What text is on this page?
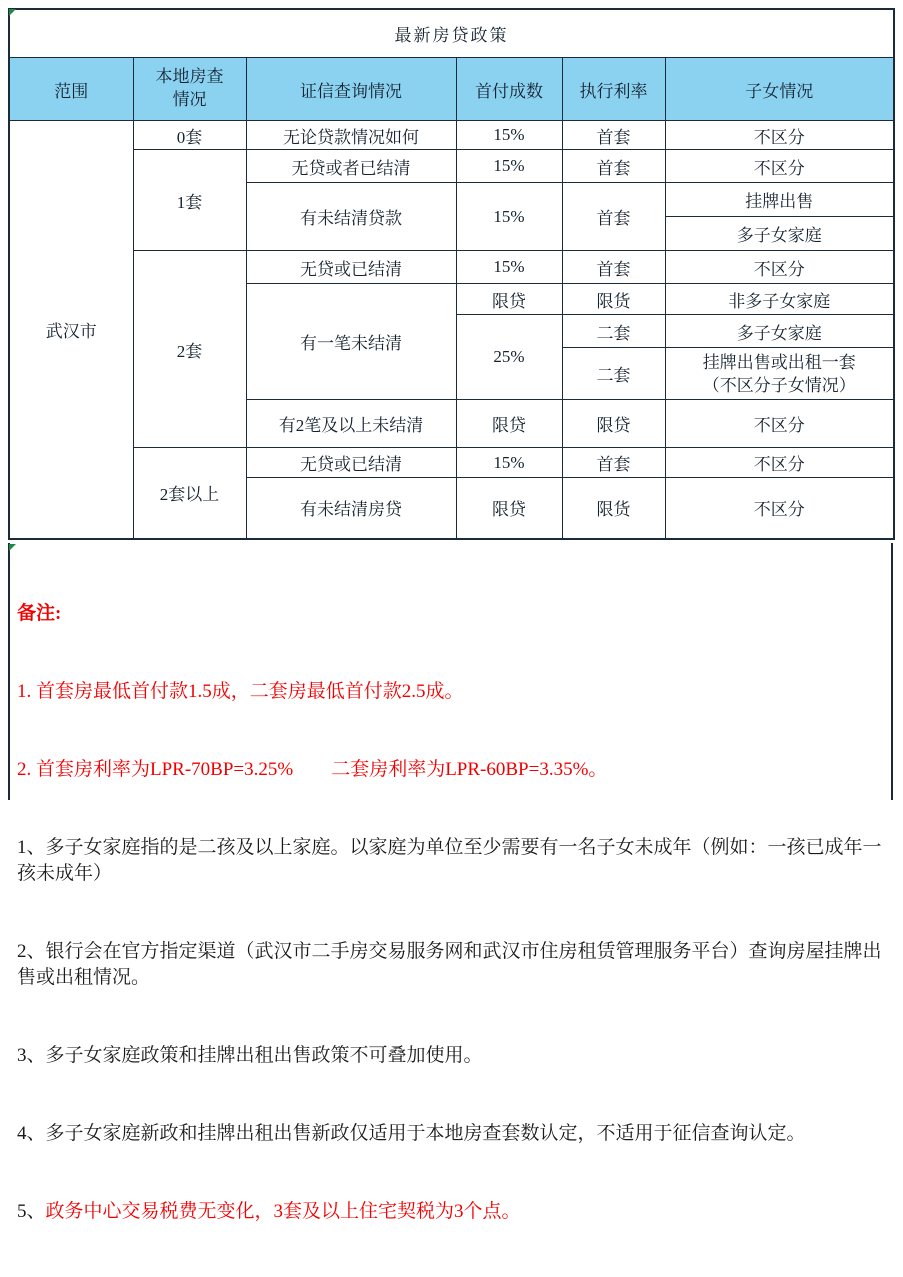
最新房贷政策					
范围	本地房查情况	证信查询情况	首付成数	执行利率	子女情况
武汉市	0套	无论贷款情况如何	15%	首套	不区分
	1套	无贷或者已结清	15%	首套	不区分
		有未结清贷款	15%	首套	挂牌出售
					多子女家庭
	2套	无贷或已结清	15%	首套	不区分
		有一笔未结清	限贷	限货	非多子女家庭
			25%	二套	多子女家庭
				二套	挂牌出售或出租一套
（不区分子女情况）

		有2笔及以上未结清	限贷	限贷	不区分
	2套以上	无贷或已结清	15%	首套	不区分
		有未结清房贷	限贷	限货	不区分

备注:

1. 首套房最低首付款1.5成，二套房最低首付款2.5成。

2. 首套房利率为LPR-70BP=3.25%　　二套房利率为LPR-60BP=3.35%。

1、多子女家庭指的是二孩及以上家庭。以家庭为单位至少需要有一名子女未成年（例如：一孩已成年一孩未成年）

2、银行会在官方指定渠道（武汉市二手房交易服务网和武汉市住房租赁管理服务平台）查询房屋挂牌出售或出租情况。

3、多子女家庭政策和挂牌出租出售政策不可叠加使用。

4、多子女家庭新政和挂牌出租出售新政仅适用于本地房查套数认定，不适用于征信查询认定。

5、政务中心交易税费无变化，3套及以上住宅契税为3个点。
